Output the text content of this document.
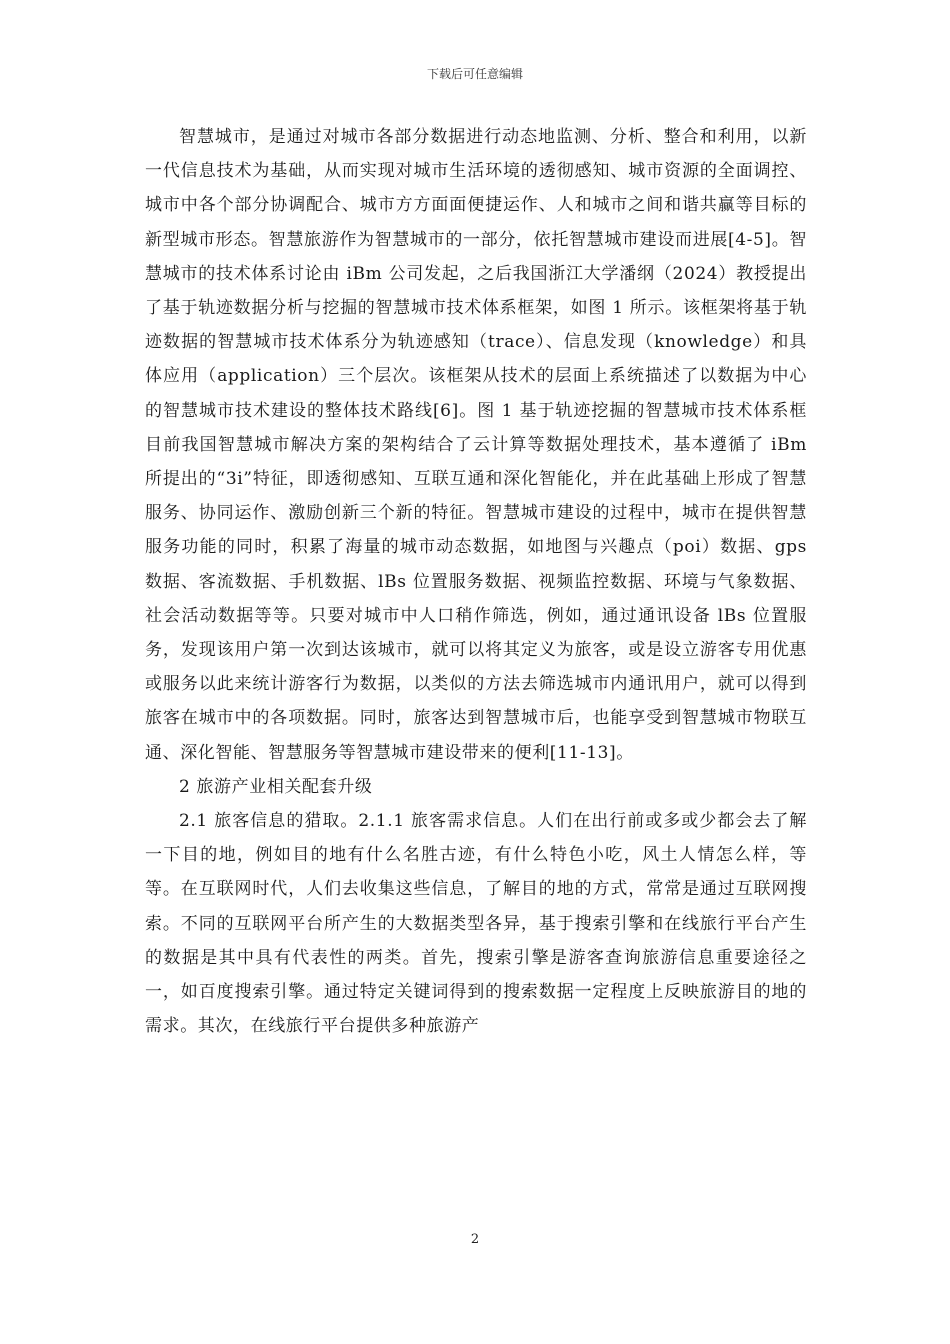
下载后可任意编辑

智慧城市，是通过对城市各部分数据进行动态地监测、分析、整合和利用，以新一代信息技术为基础，从而实现对城市生活环境的透彻感知、城市资源的全面调控、城市中各个部分协调配合、城市方方面面便捷运作、人和城市之间和谐共赢等目标的新型城市形态。智慧旅游作为智慧城市的一部分，依托智慧城市建设而进展[4-5]。智慧城市的技术体系讨论由 iBm 公司发起，之后我国浙江大学潘纲（2024）教授提出了基于轨迹数据分析与挖掘的智慧城市技术体系框架，如图 1 所示。该框架将基于轨迹数据的智慧城市技术体系分为轨迹感知（trace）、信息发现（knowledge）和具体应用（application）三个层次。该框架从技术的层面上系统描述了以数据为中心的智慧城市技术建设的整体技术路线[6]。图 1 基于轨迹挖掘的智慧城市技术体系框目前我国智慧城市解决方案的架构结合了云计算等数据处理技术，基本遵循了 iBm 所提出的“3i”特征，即透彻感知、互联互通和深化智能化，并在此基础上形成了智慧服务、协同运作、激励创新三个新的特征。智慧城市建设的过程中，城市在提供智慧服务功能的同时，积累了海量的城市动态数据，如地图与兴趣点（poi）数据、gps 数据、客流数据、手机数据、lBs 位置服务数据、视频监控数据、环境与气象数据、社会活动数据等等。只要对城市中人口稍作筛选，例如，通过通讯设备 lBs 位置服务，发现该用户第一次到达该城市，就可以将其定义为旅客，或是设立游客专用优惠或服务以此来统计游客行为数据，以类似的方法去筛选城市内通讯用户，就可以得到旅客在城市中的各项数据。同时，旅客达到智慧城市后，也能享受到智慧城市物联互通、深化智能、智慧服务等智慧城市建设带来的便利[11-13]。

2 旅游产业相关配套升级

2.1 旅客信息的猎取。2.1.1 旅客需求信息。人们在出行前或多或少都会去了解一下目的地，例如目的地有什么名胜古迹，有什么特色小吃，风土人情怎么样，等等。在互联网时代，人们去收集这些信息，了解目的地的方式，常常是通过互联网搜索。不同的互联网平台所产生的大数据类型各异，基于搜索引擎和在线旅行平台产生的数据是其中具有代表性的两类。首先，搜索引擎是游客查询旅游信息重要途径之一，如百度搜索引擎。通过特定关键词得到的搜索数据一定程度上反映旅游目的地的需求。其次，在线旅行平台提供多种旅游产

2
